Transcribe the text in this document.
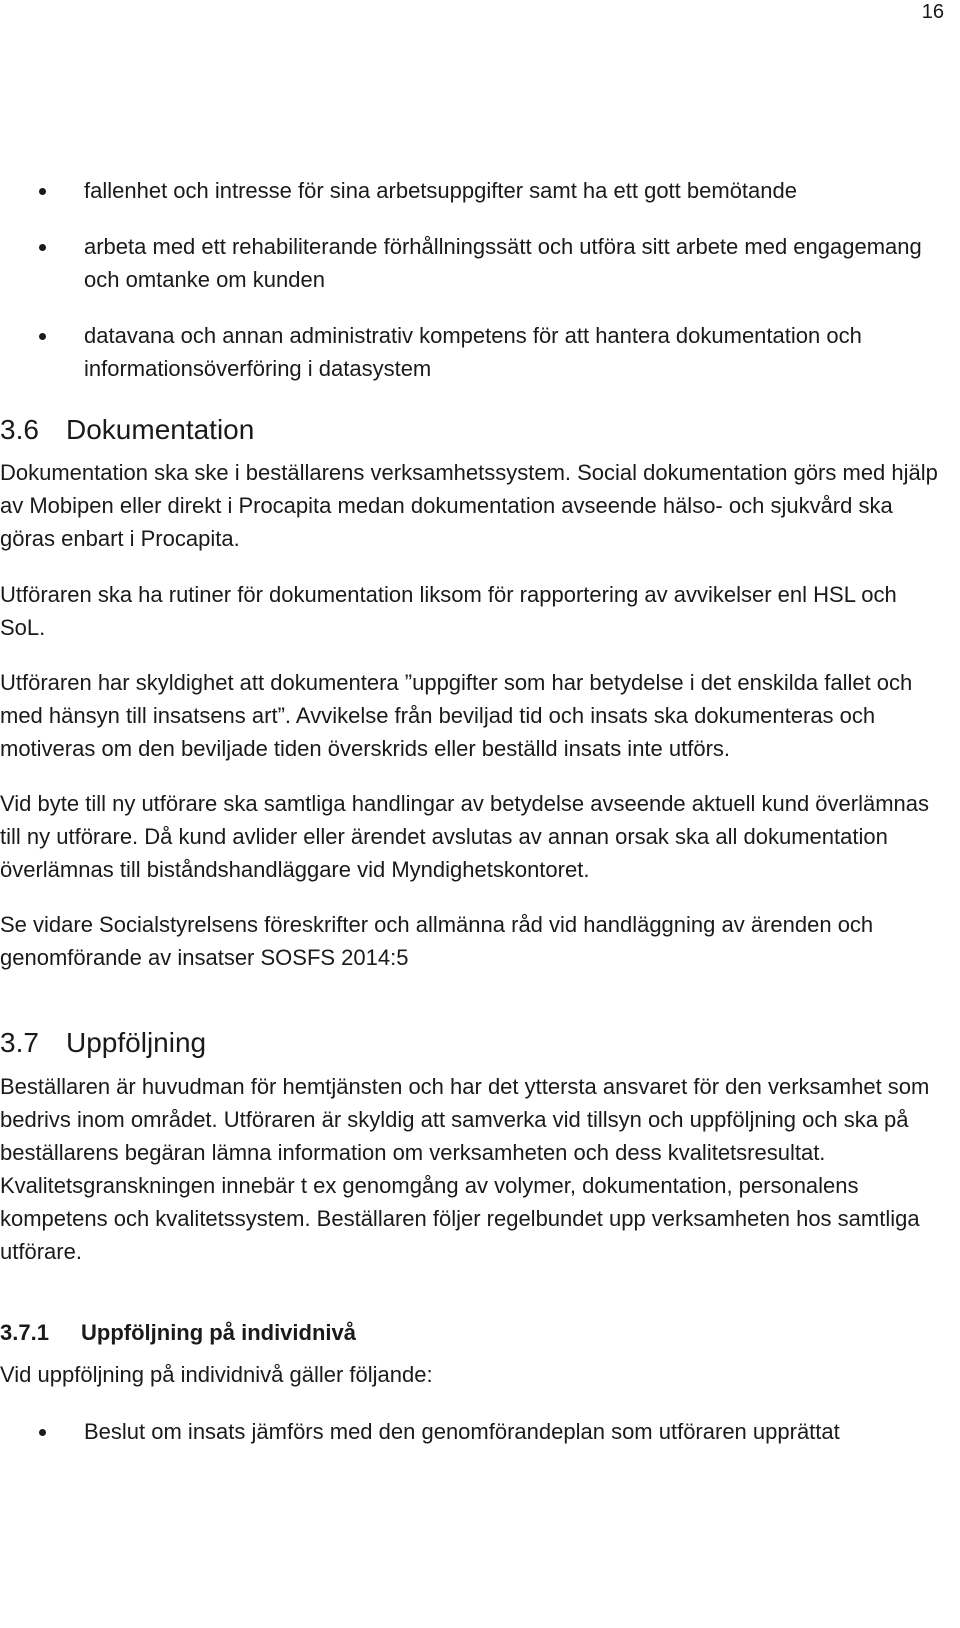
16
fallenhet och intresse för sina arbetsuppgifter samt ha ett gott bemötande
arbeta med ett rehabiliterande förhållningssätt och utföra sitt arbete med engagemang och omtanke om kunden
datavana och annan administrativ kompetens för att hantera dokumentation och informationsöverföring i datasystem
3.6 Dokumentation

Dokumentation ska ske i beställarens verksamhetssystem. Social dokumentation görs med hjälp av Mobipen eller direkt i Procapita medan dokumentation avseende hälso- och sjukvård ska göras enbart i Procapita.

Utföraren ska ha rutiner för dokumentation liksom för rapportering av avvikelser enl HSL och SoL.

Utföraren har skyldighet att dokumentera ”uppgifter som har betydelse i det enskilda fallet och med hänsyn till insatsens art”. Avvikelse från beviljad tid och insats ska dokumenteras och motiveras om den beviljade tiden överskrids eller beställd insats inte utförs.

Vid byte till ny utförare ska samtliga handlingar av betydelse avseende aktuell kund överlämnas till ny utförare. Då kund avlider eller ärendet avslutas av annan orsak ska all dokumentation överlämnas till biståndshandläggare vid Myndighetskontoret.

Se vidare Socialstyrelsens föreskrifter och allmänna råd vid handläggning av ärenden och genomförande av insatser SOSFS 2014:5

3.7 Uppföljning

Beställaren är huvudman för hemtjänsten och har det yttersta ansvaret för den verksamhet som bedrivs inom området. Utföraren är skyldig att samverka vid tillsyn och uppföljning och ska på beställarens begäran lämna information om verksamheten och dess kvalitetsresultat. Kvalitetsgranskningen innebär t ex genomgång av volymer, dokumentation, personalens kompetens och kvalitetssystem. Beställaren följer regelbundet upp verksamheten hos samtliga utförare.

3.7.1 Uppföljning på individnivå

Vid uppföljning på individnivå gäller följande:

Beslut om insats jämförs med den genomförandeplan som utföraren upprättat
